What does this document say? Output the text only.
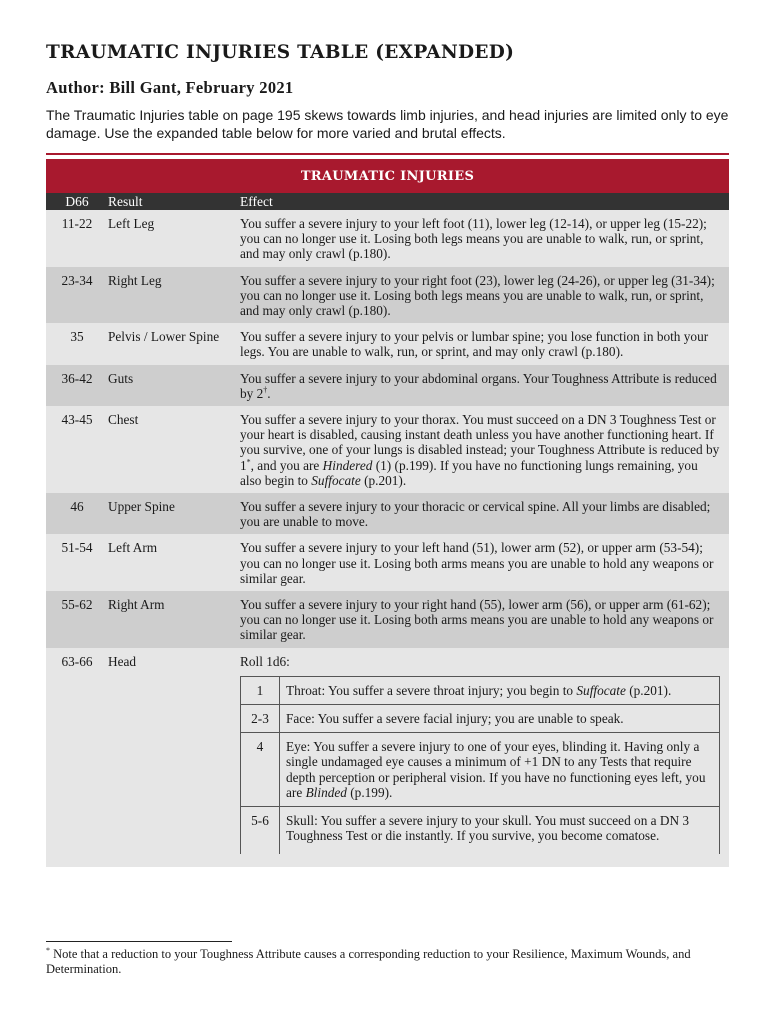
TRAUMATIC INJURIES TABLE (EXPANDED)

Author: Bill Gant, February 2021

The Traumatic Injuries table on page 195 skews towards limb injuries, and head injuries are limited only to eye damage. Use the expanded table below for more varied and brutal effects.

TRAUMATIC INJURIES
D66	Result	Effect
11-22	Left Leg	You suffer a severe injury to your left foot (11), lower leg (12-14), or upper leg (15-22); you can no longer use it. Losing both legs means you are unable to walk, run, or sprint, and may only crawl (p.180).
23-34	Right Leg	You suffer a severe injury to your right foot (23), lower leg (24-26), or upper leg (31-34); you can no longer use it. Losing both legs means you are unable to walk, run, or sprint, and may only crawl (p.180).
35	Pelvis / Lower Spine	You suffer a severe injury to your pelvis or lumbar spine; you lose function in both your legs. You are unable to walk, run, or sprint, and may only crawl (p.180).
36-42	Guts	You suffer a severe injury to your abdominal organs. Your Toughness Attribute is reduced by 2†.
43-45	Chest	You suffer a severe injury to your thorax. You must succeed on a DN 3 Toughness Test or your heart is disabled, causing instant death unless you have another functioning heart. If you survive, one of your lungs is disabled instead; your Toughness Attribute is reduced by 1*, and you are Hindered (1) (p.199). If you have no functioning lungs remaining, you also begin to Suffocate (p.201).
46	Upper Spine	You suffer a severe injury to your thoracic or cervical spine. All your limbs are disabled; you are unable to move.
51-54	Left Arm	You suffer a severe injury to your left hand (51), lower arm (52), or upper arm (53-54); you can no longer use it. Losing both arms means you are unable to hold any weapons or similar gear.
55-62	Right Arm	You suffer a severe injury to your right hand (55), lower arm (56), or upper arm (61-62); you can no longer use it. Losing both arms means you are unable to hold any weapons or similar gear.
63-66	Head	Roll 1d6:
1	Throat: You suffer a severe throat injury; you begin to Suffocate (p.201).
2-3	Face: You suffer a severe facial injury; you are unable to speak.
4	Eye: You suffer a severe injury to one of your eyes, blinding it. Having only a single undamaged eye causes a minimum of +1 DN to any Tests that require depth perception or peripheral vision. If you have no functioning eyes left, you are Blinded (p.199).
5-6	Skull: You suffer a severe injury to your skull. You must succeed on a DN 3 Toughness Test or die instantly. If you survive, you become comatose.

* Note that a reduction to your Toughness Attribute causes a corresponding reduction to your Resilience, Maximum Wounds, and Determination.
